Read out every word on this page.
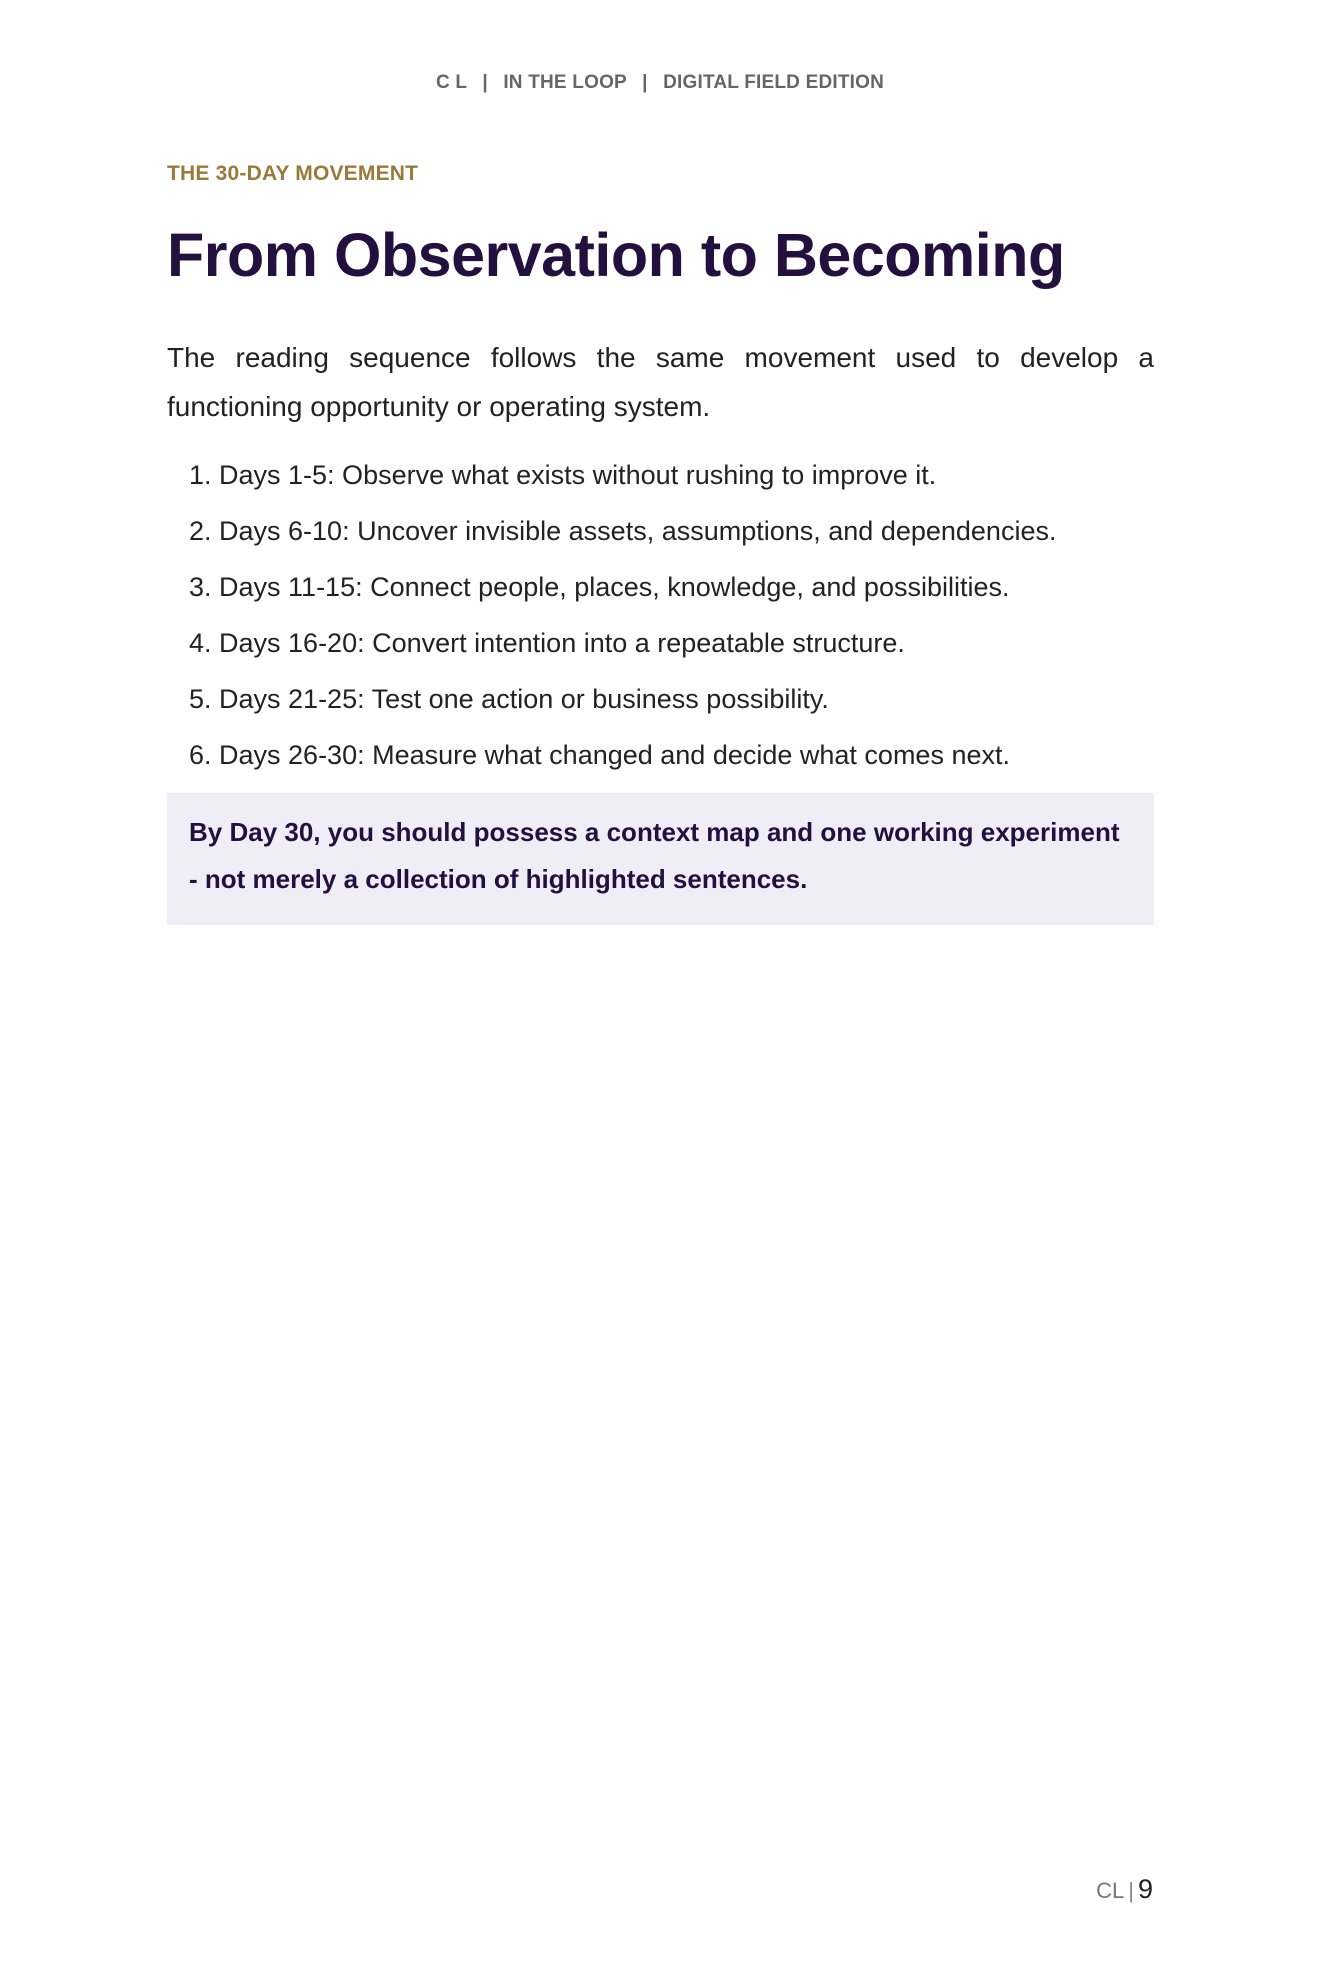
C L | IN THE LOOP | DIGITAL FIELD EDITION
THE 30-DAY MOVEMENT
From Observation to Becoming

The reading sequence follows the same movement used to develop a functioning opportunity or operating system.

1. Days 1-5: Observe what exists without rushing to improve it.
2. Days 6-10: Uncover invisible assets, assumptions, and dependencies.
3. Days 11-15: Connect people, places, knowledge, and possibilities.
4. Days 16-20: Convert intention into a repeatable structure.
5. Days 21-25: Test one action or business possibility.
6. Days 26-30: Measure what changed and decide what comes next.
By Day 30, you should possess a context map and one working experiment - not merely a collection of highlighted sentences.
CL | 9
